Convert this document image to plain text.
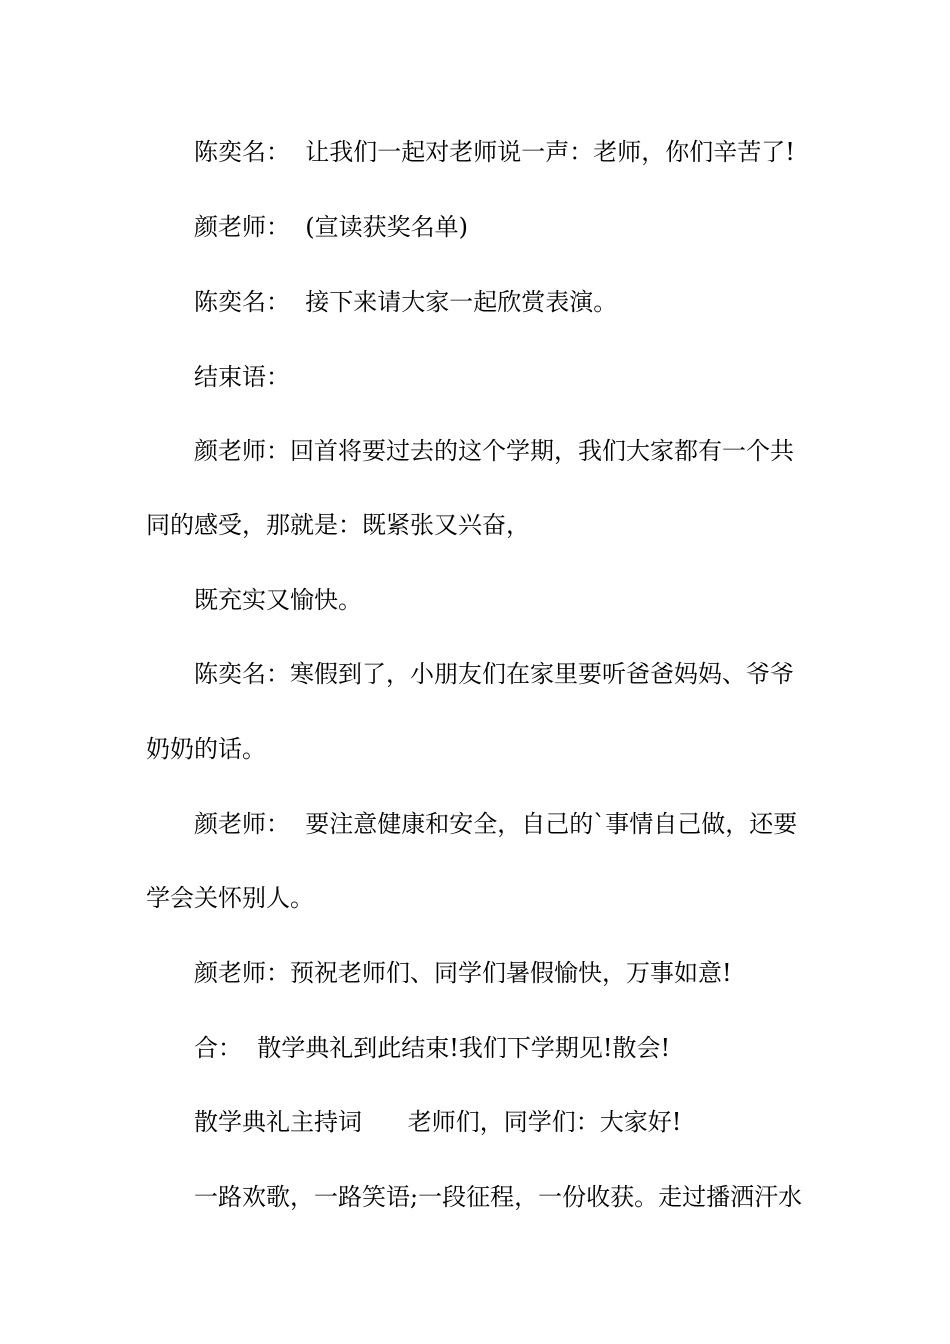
陈奕名：  让我们一起对老师说一声：老师，你们辛苦了!
颜老师：  (宣读获奖名单)
陈奕名：  接下来请大家一起欣赏表演。
结束语：
颜老师：回首将要过去的这个学期，我们大家都有一个共
同的感受，那就是：既紧张又兴奋，
既充实又愉快。
陈奕名：寒假到了，小朋友们在家里要听爸爸妈妈、爷爷
奶奶的话。
颜老师：  要注意健康和安全，自己的`事情自己做，还要
学会关怀别人。
颜老师：预祝老师们、同学们暑假愉快，万事如意!
合：  散学典礼到此结束!我们下学期见!散会!
散学典礼主持词      老师们，同学们：大家好!
一路欢歌，一路笑语;一段征程，一份收获。走过播洒汗水
